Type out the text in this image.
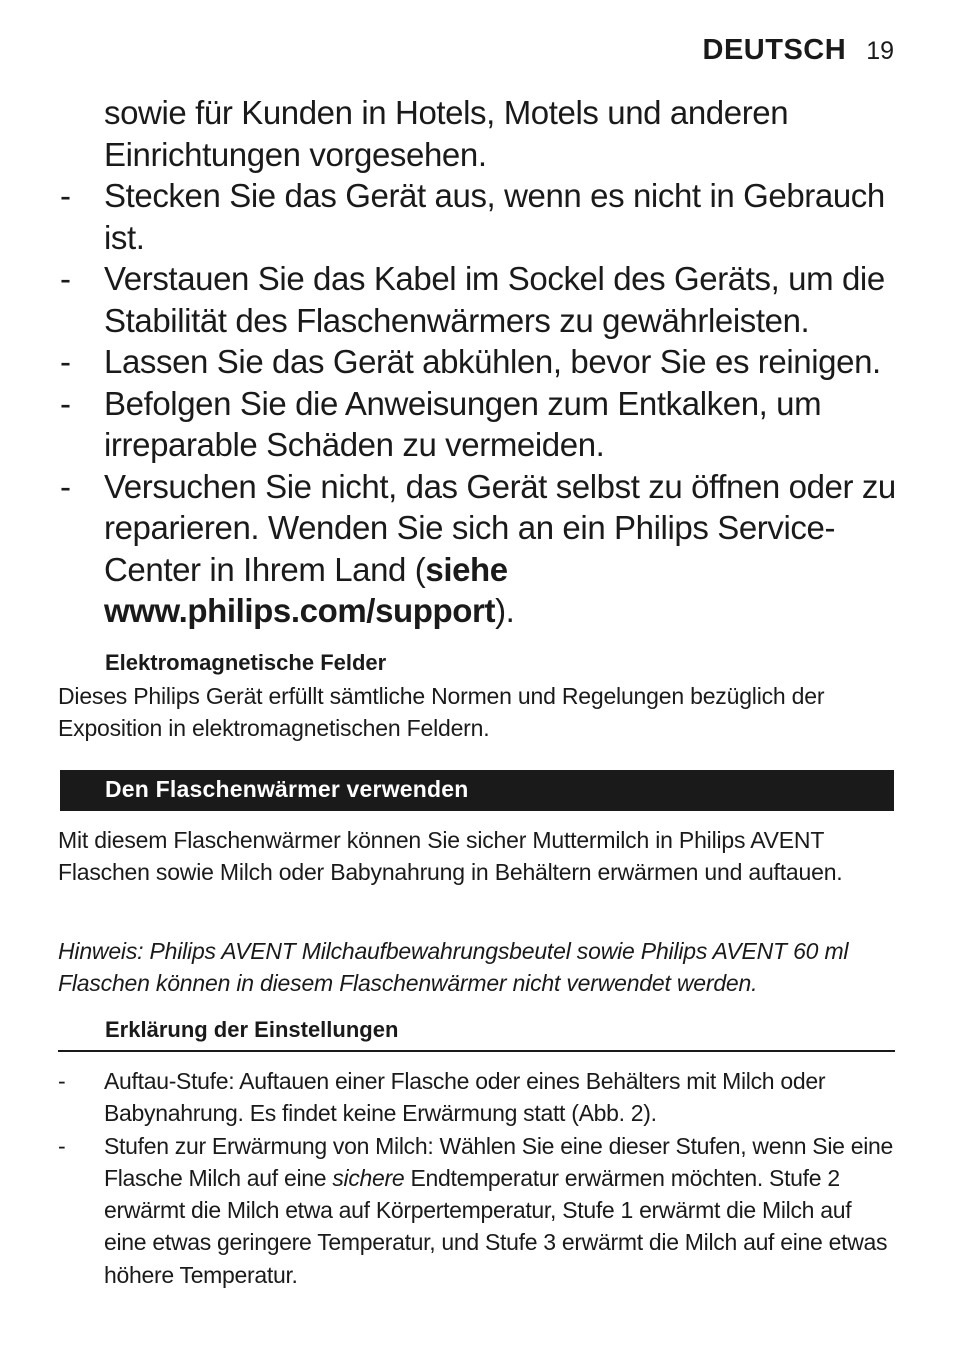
DEUTSCH 19
sowie für Kunden in Hotels, Motels und anderen Einrichtungen vorgesehen.
-	Stecken Sie das Gerät aus, wenn es nicht in Gebrauch ist.
-	Verstauen Sie das Kabel im Sockel des Geräts, um die Stabilität des Flaschenwärmers zu gewährleisten.
-	Lassen Sie das Gerät abkühlen, bevor Sie es reinigen.
-	Befolgen Sie die Anweisungen zum Entkalken, um irreparable Schäden zu vermeiden.
-	Versuchen Sie nicht, das Gerät selbst zu öffnen oder zu reparieren. Wenden Sie sich an ein Philips Service-Center in Ihrem Land (siehe www.philips.com/support).
Elektromagnetische Felder
Dieses Philips Gerät erfüllt sämtliche Normen und Regelungen bezüglich der Exposition in elektromagnetischen Feldern.
Den Flaschenwärmer verwenden
Mit diesem Flaschenwärmer können Sie sicher Muttermilch in Philips AVENT Flaschen sowie Milch oder Babynahrung in Behältern erwärmen und auftauen.
Hinweis: Philips AVENT Milchaufbewahrungsbeutel sowie Philips AVENT 60 ml Flaschen können in diesem Flaschenwärmer nicht verwendet werden.
Erklärung der Einstellungen
-	Auftau-Stufe: Auftauen einer Flasche oder eines Behälters mit Milch oder Babynahrung. Es findet keine Erwärmung statt (Abb. 2).
-	Stufen zur Erwärmung von Milch: Wählen Sie eine dieser Stufen, wenn Sie eine Flasche Milch auf eine sichere Endtemperatur erwärmen möchten. Stufe 2 erwärmt die Milch etwa auf Körpertemperatur, Stufe 1 erwärmt die Milch auf eine etwas geringere Temperatur, und Stufe 3 erwärmt die Milch auf eine etwas höhere Temperatur.
